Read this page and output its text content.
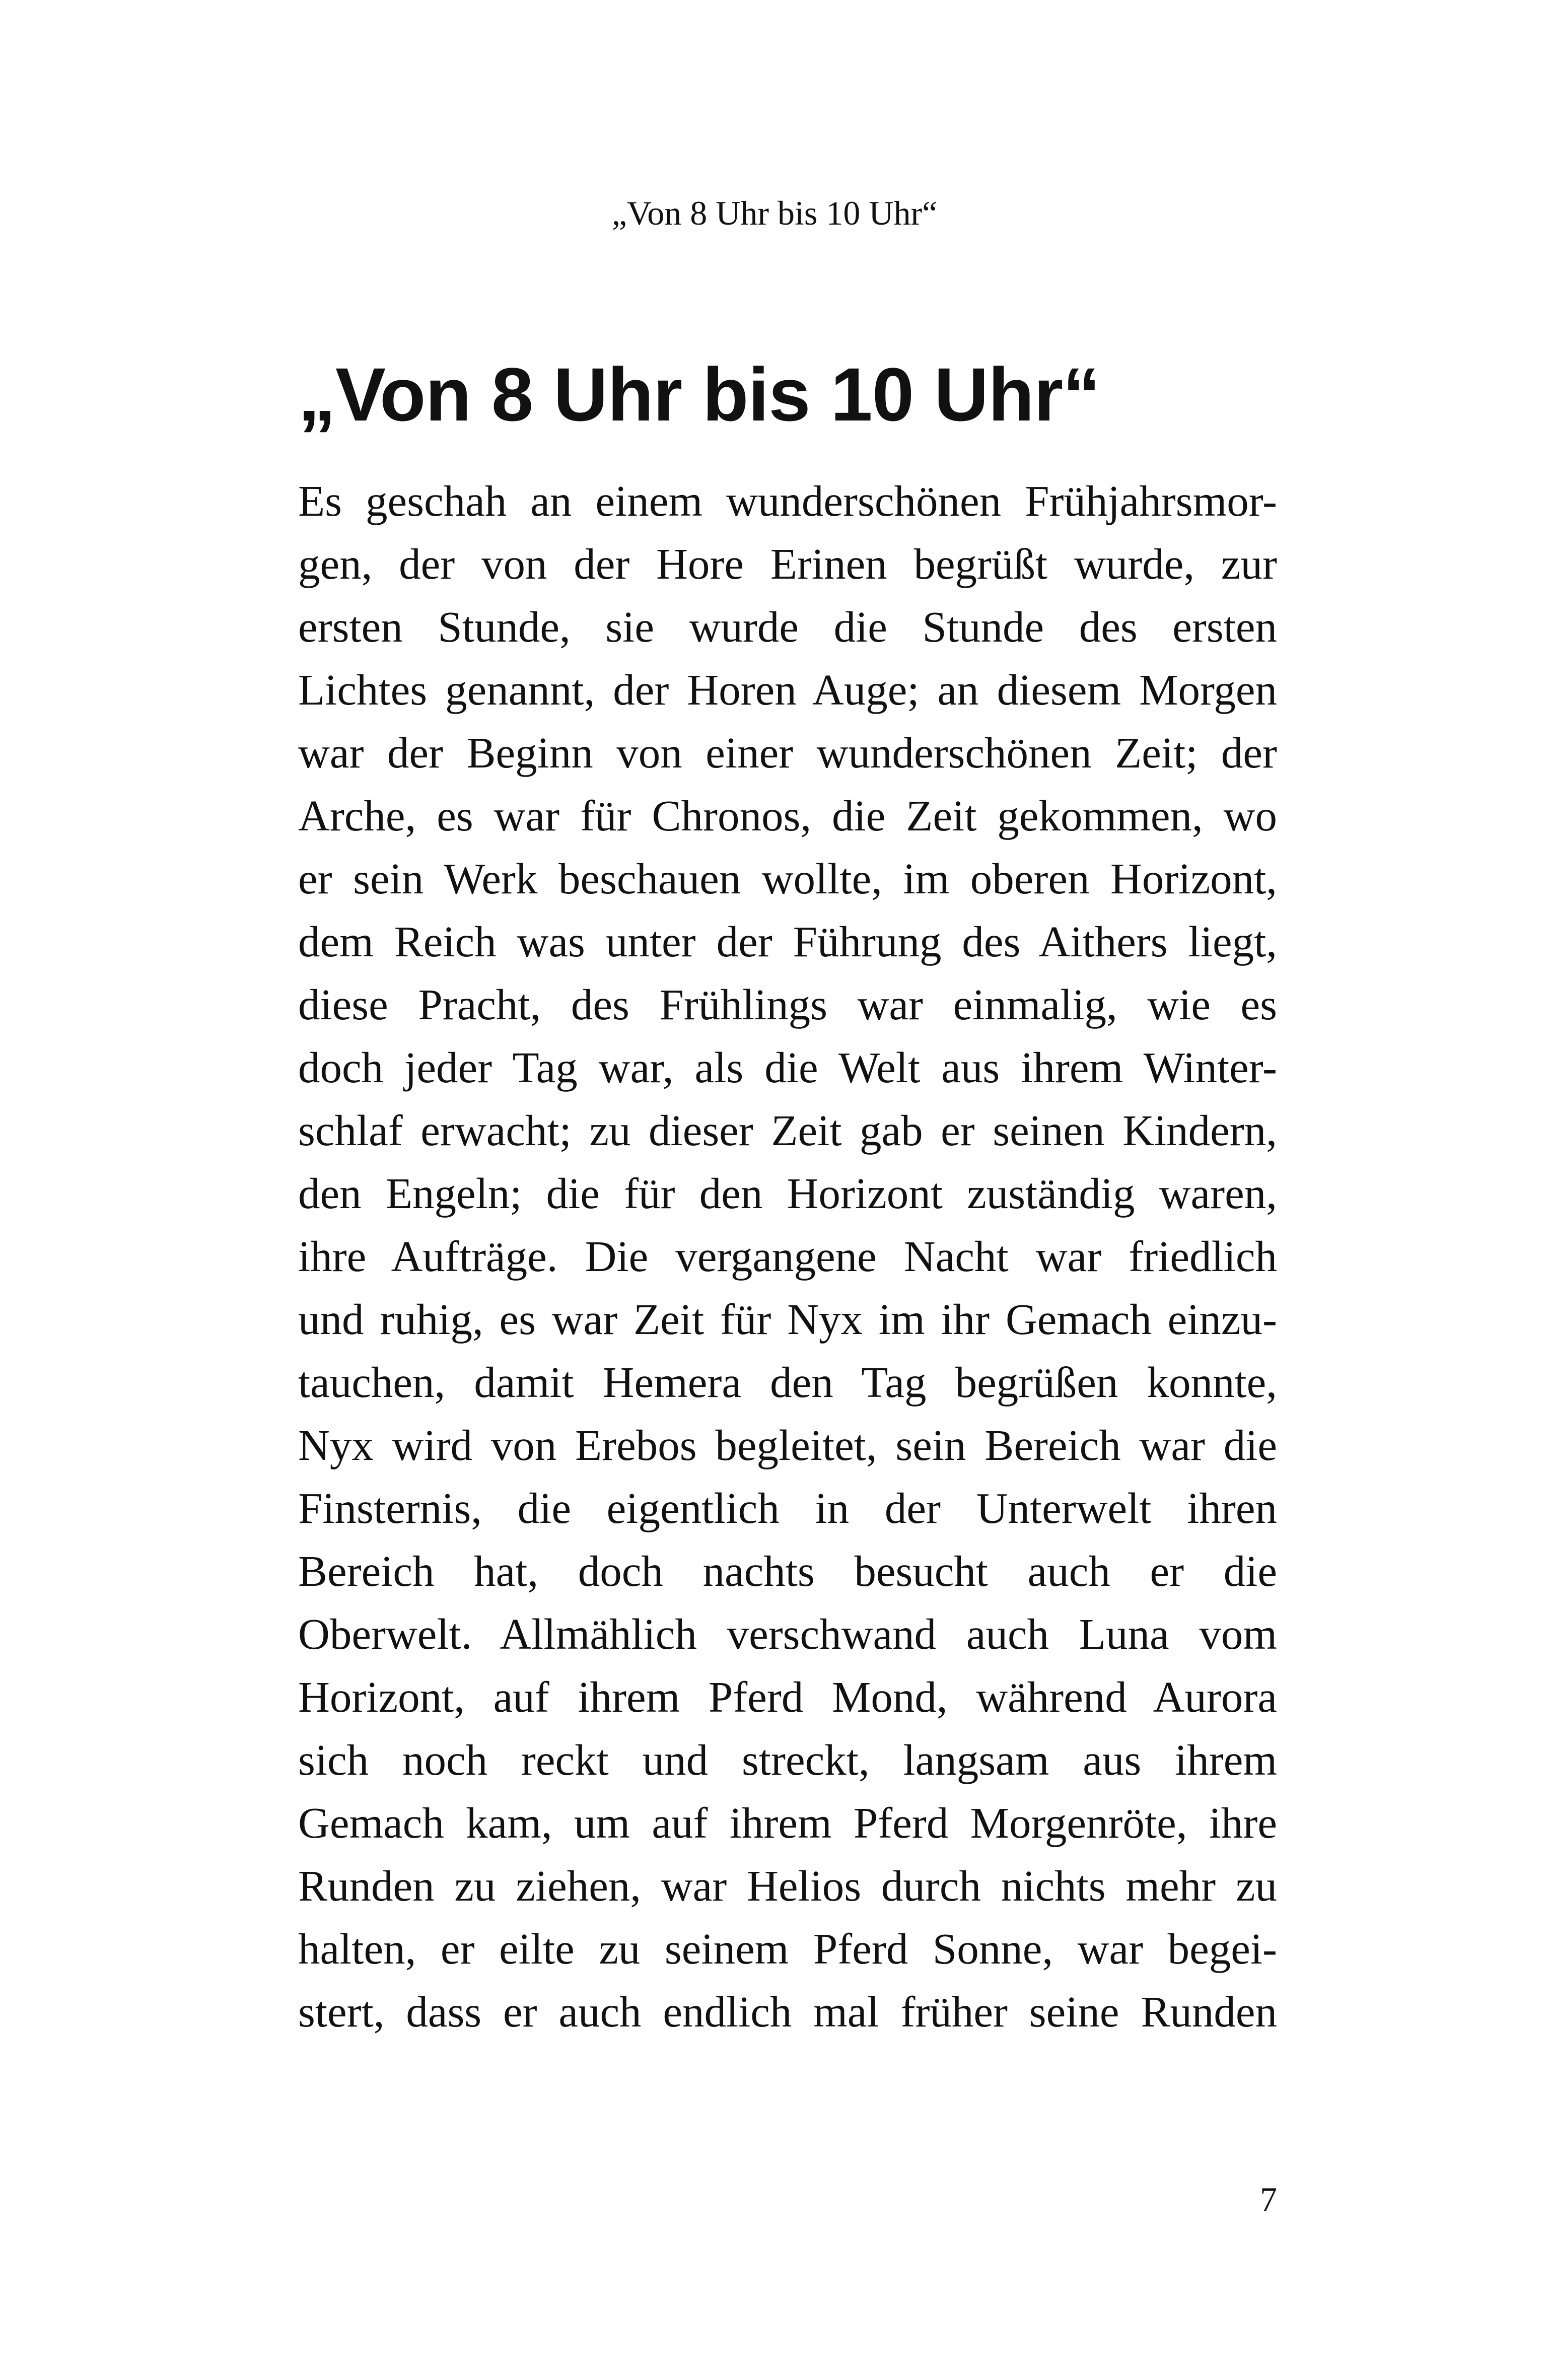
„Von 8 Uhr bis 10 Uhr“
„Von 8 Uhr bis 10 Uhr“
Es geschah an einem wunderschönen Frühjahrsmor-
gen, der von der Hore Erinen begrüßt wurde, zur
ersten Stunde, sie wurde die Stunde des ersten
Lichtes genannt, der Horen Auge; an diesem Morgen
war der Beginn von einer wunderschönen Zeit; der
Arche, es war für Chronos, die Zeit gekommen, wo
er sein Werk beschauen wollte, im oberen Horizont,
dem Reich was unter der Führung des Aithers liegt,
diese Pracht, des Frühlings war einmalig, wie es
doch jeder Tag war, als die Welt aus ihrem Winter-
schlaf erwacht; zu dieser Zeit gab er seinen Kindern,
den Engeln; die für den Horizont zuständig waren,
ihre Aufträge. Die vergangene Nacht war friedlich
und ruhig, es war Zeit für Nyx im ihr Gemach einzu-
tauchen, damit Hemera den Tag begrüßen konnte,
Nyx wird von Erebos begleitet, sein Bereich war die
Finsternis, die eigentlich in der Unterwelt ihren
Bereich hat, doch nachts besucht auch er die
Oberwelt. Allmählich verschwand auch Luna vom
Horizont, auf ihrem Pferd Mond, während Aurora
sich noch reckt und streckt, langsam aus ihrem
Gemach kam, um auf ihrem Pferd Morgenröte, ihre
Runden zu ziehen, war Helios durch nichts mehr zu
halten, er eilte zu seinem Pferd Sonne, war begei-
stert, dass er auch endlich mal früher seine Runden
7
